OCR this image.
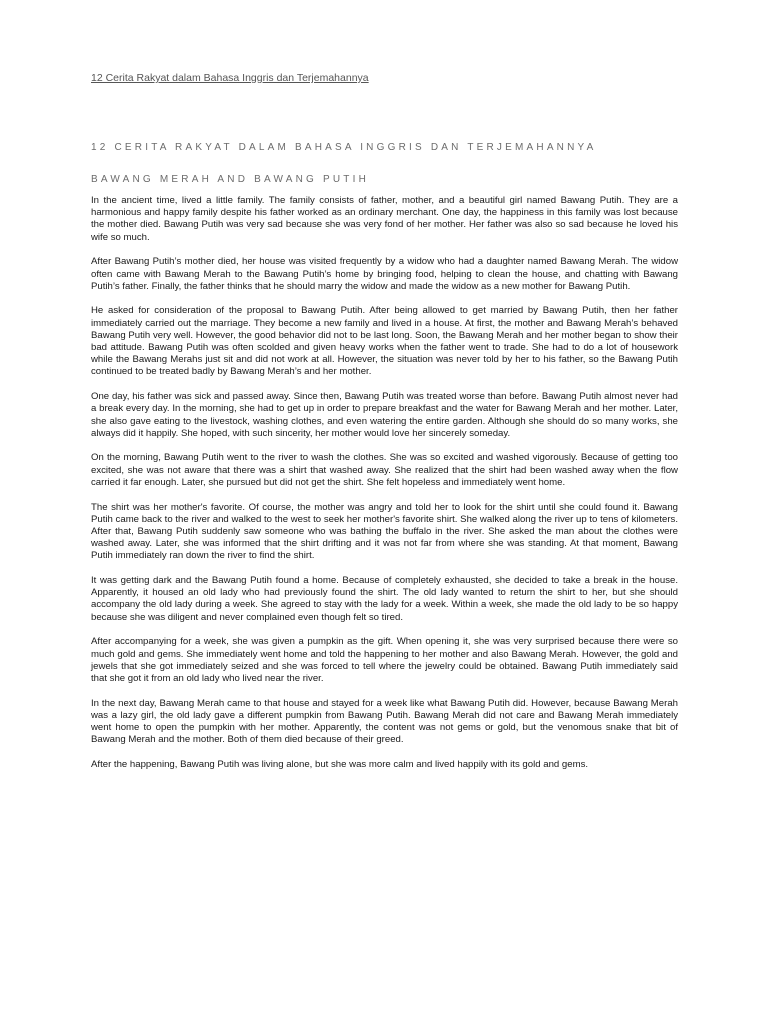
12 Cerita Rakyat dalam Bahasa Inggris dan Terjemahannya
12 CERITA RAKYAT DALAM BAHASA INGGRIS DAN TERJEMAHANNYA
BAWANG MERAH AND BAWANG PUTIH

In the ancient time, lived a little family. The family consists of father, mother, and a beautiful girl named Bawang Putih. They are a harmonious and happy family despite his father worked as an ordinary merchant. One day, the happiness in this family was lost because the mother died. Bawang Putih was very sad because she was very fond of her mother. Her father was also so sad because he loved his wife so much.

After Bawang Putih’s mother died, her house was visited frequently by a widow who had a daughter named Bawang Merah. The widow often came with Bawang Merah to the Bawang Putih’s home by bringing food, helping to clean the house, and chatting with Bawang Putih’s father. Finally, the father thinks that he should marry the widow and made the widow as a new mother for Bawang Putih.

He asked for consideration of the proposal to Bawang Putih. After being allowed to get married by Bawang Putih, then her father immediately carried out the marriage. They become a new family and lived in a house. At first, the mother and Bawang Merah’s behaved Bawang Putih very well. However, the good behavior did not to be last long. Soon, the Bawang Merah and her mother began to show their bad attitude. Bawang Putih was often scolded and given heavy works when the father went to trade. She had to do a lot of housework while the Bawang Merahs just sit and did not work at all. However, the situation was never told by her to his father, so the Bawang Putih continued to be treated badly by Bawang Merah’s and her mother.

One day, his father was sick and passed away. Since then, Bawang Putih was treated worse than before. Bawang Putih almost never had a break every day. In the morning, she had to get up in order to prepare breakfast and the water for Bawang Merah and her mother. Later, she also gave eating to the livestock, washing clothes, and even watering the entire garden. Although she should do so many works, she always did it happily. She hoped, with such sincerity, her mother would love her sincerely someday.

On the morning, Bawang Putih went to the river to wash the clothes. She was so excited and washed vigorously. Because of getting too excited, she was not aware that there was a shirt that washed away. She realized that the shirt had been washed away when the flow carried it far enough. Later, she pursued but did not get the shirt. She felt hopeless and immediately went home.

The shirt was her mother's favorite. Of course, the mother was angry and told her to look for the shirt until she could found it. Bawang Putih came back to the river and walked to the west to seek her mother's favorite shirt. She walked along the river up to tens of kilometers. After that, Bawang Putih suddenly saw someone who was bathing the buffalo in the river. She asked the man about the clothes were washed away. Later, she was informed that the shirt drifting and it was not far from where she was standing. At that moment, Bawang Putih immediately ran down the river to find the shirt.

It was getting dark and the Bawang Putih found a home. Because of completely exhausted, she decided to take a break in the house. Apparently, it housed an old lady who had previously found the shirt. The old lady wanted to return the shirt to her, but she should accompany the old lady during a week. She agreed to stay with the lady for a week. Within a week, she made the old lady to be so happy because she was diligent and never complained even though felt so tired.

After accompanying for a week, she was given a pumpkin as the gift. When opening it, she was very surprised because there were so much gold and gems. She immediately went home and told the happening to her mother and also Bawang Merah. However, the gold and jewels that she got immediately seized and she was forced to tell where the jewelry could be obtained. Bawang Putih immediately said that she got it from an old lady who lived near the river.

In the next day, Bawang Merah came to that house and stayed for a week like what Bawang Putih did. However, because Bawang Merah was a lazy girl, the old lady gave a different pumpkin from Bawang Putih. Bawang Merah did not care and Bawang Merah immediately went home to open the pumpkin with her mother. Apparently, the content was not gems or gold, but the venomous snake that bit of Bawang Merah and the mother. Both of them died because of their greed.

After the happening, Bawang Putih was living alone, but she was more calm and lived happily with its gold and gems.
